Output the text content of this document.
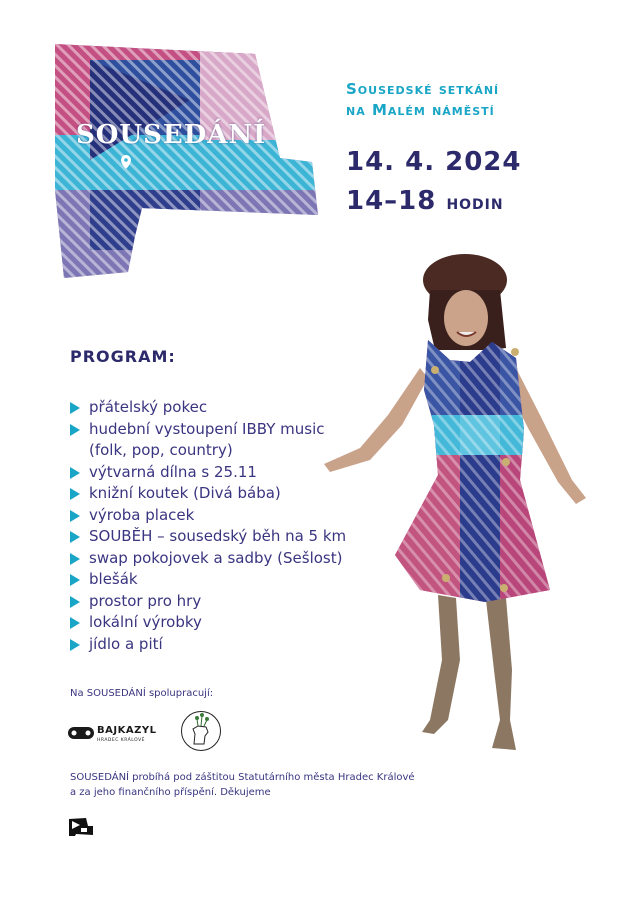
SOUSEDÁNÍ
Sousedské setkání
na Malém náměstí
14. 4. 2024
14–18 hodin
PROGRAM:
přátelský pokec
hudební vystoupení IBBY music
(folk, pop, country)
výtvarná dílna s 25.11
knižní koutek (Divá bába)
výroba placek
SOUBĚH – sousedský běh na 5 km
swap pokojovek a sadby (Sešlost)
blešák
prostor pro hry
lokální výrobky
jídlo a pití
Na SOUSEDÁNÍ spolupracují:
BAJKAZYL
HRADEC KRÁLOVÉ
SOUSEDÁNÍ probíhá pod záštitou Statutárního města Hradec Králové
a za jeho finančního příspění. Děkujeme
